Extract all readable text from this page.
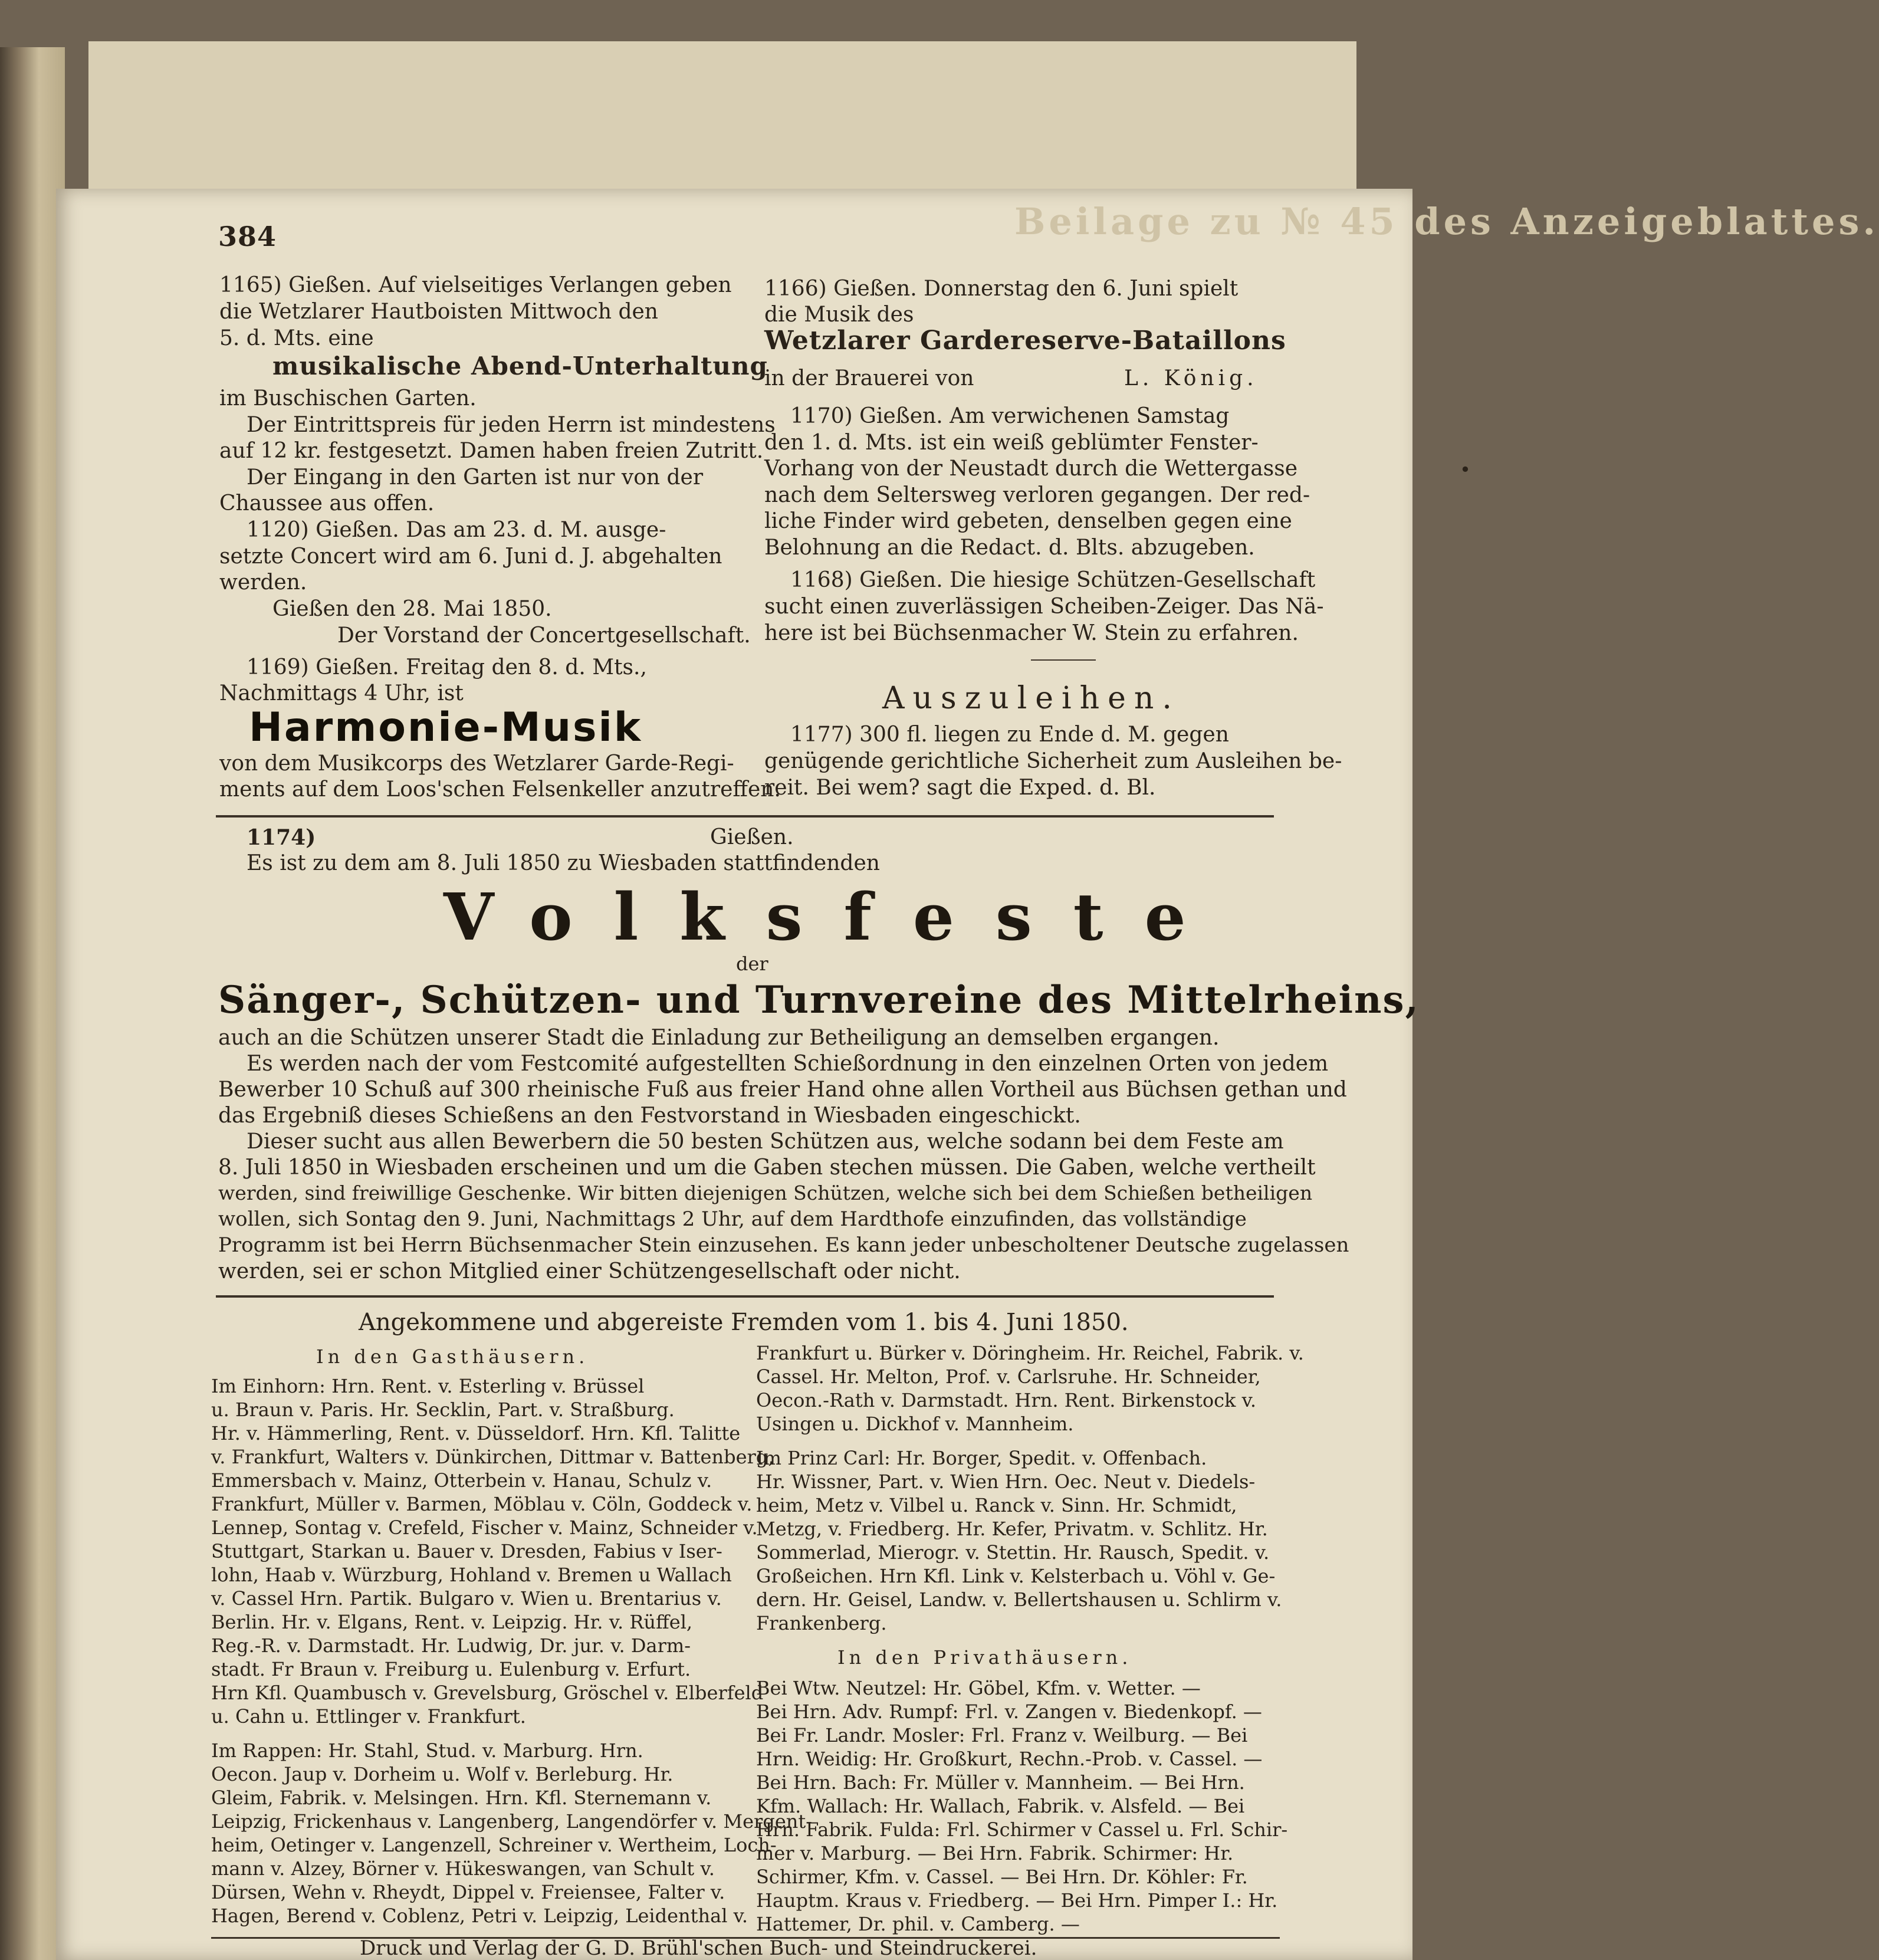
Beilage zu № 45 des Anzeigeblattes.
•
384
1165) Gießen. Auf vielseitiges Verlangen geben
die Wetzlarer Hautboisten Mittwoch den
5. d. Mts. eine
musikalische Abend-Unterhaltung
im Buschischen Garten.
Der Eintrittspreis für jeden Herrn ist mindestens
auf 12 kr. festgesetzt. Damen haben freien Zutritt.
Der Eingang in den Garten ist nur von der
Chaussee aus offen.
1120) Gießen. Das am 23. d. M. ausge-
setzte Concert wird am 6. Juni d. J. abgehalten
werden.
Gießen den 28. Mai 1850.
Der Vorstand der Concertgesellschaft.
1169) Gießen. Freitag den 8. d. Mts.,
Nachmittags 4 Uhr, ist
Harmonie-Musik
von dem Musikcorps des Wetzlarer Garde-Regi-
ments auf dem Loos'schen Felsenkeller anzutreffen.
1166) Gießen. Donnerstag den 6. Juni spielt
die Musik des
Wetzlarer Gardereserve-Bataillons
in der Brauerei von	L. König.
1170) Gießen. Am verwichenen Samstag
den 1. d. Mts. ist ein weiß geblümter Fenster-
Vorhang von der Neustadt durch die Wettergasse
nach dem Seltersweg verloren gegangen. Der red-
liche Finder wird gebeten, denselben gegen eine
Belohnung an die Redact. d. Blts. abzugeben.
1168) Gießen. Die hiesige Schützen-Gesellschaft
sucht einen zuverlässigen Scheiben-Zeiger. Das Nä-
here ist bei Büchsenmacher W. Stein zu erfahren.
Auszuleihen.
1177) 300 fl. liegen zu Ende d. M. gegen
genügende gerichtliche Sicherheit zum Ausleihen be-
reit. Bei wem? sagt die Exped. d. Bl.
1174)	Gießen.
Es ist zu dem am 8. Juli 1850 zu Wiesbaden stattfindenden
Volksfeste
der
Sänger-, Schützen- und Turnvereine des Mittelrheins,
auch an die Schützen unserer Stadt die Einladung zur Betheiligung an demselben ergangen.
Es werden nach der vom Festcomité aufgestellten Schießordnung in den einzelnen Orten von jedem
Bewerber 10 Schuß auf 300 rheinische Fuß aus freier Hand ohne allen Vortheil aus Büchsen gethan und
das Ergebniß dieses Schießens an den Festvorstand in Wiesbaden eingeschickt.
Dieser sucht aus allen Bewerbern die 50 besten Schützen aus, welche sodann bei dem Feste am
8. Juli 1850 in Wiesbaden erscheinen und um die Gaben stechen müssen. Die Gaben, welche vertheilt
werden, sind freiwillige Geschenke. Wir bitten diejenigen Schützen, welche sich bei dem Schießen betheiligen
wollen, sich Sontag den 9. Juni, Nachmittags 2 Uhr, auf dem Hardthofe einzufinden, das vollständige
Programm ist bei Herrn Büchsenmacher Stein einzusehen. Es kann jeder unbescholtener Deutsche zugelassen
werden, sei er schon Mitglied einer Schützengesellschaft oder nicht.
Angekommene und abgereiste Fremden vom 1. bis 4. Juni 1850.
In den Gasthäusern.
Im Einhorn: Hrn. Rent. v. Esterling v. Brüssel
u. Braun v. Paris. Hr. Secklin, Part. v. Straßburg.
Hr. v. Hämmerling, Rent. v. Düsseldorf. Hrn. Kfl. Talitte
v. Frankfurt, Walters v. Dünkirchen, Dittmar v. Battenberg,
Emmersbach v. Mainz, Otterbein v. Hanau, Schulz v.
Frankfurt, Müller v. Barmen, Möblau v. Cöln, Goddeck v.
Lennep, Sontag v. Crefeld, Fischer v. Mainz, Schneider v.
Stuttgart, Starkan u. Bauer v. Dresden, Fabius v Iser-
lohn, Haab v. Würzburg, Hohland v. Bremen u Wallach
v. Cassel Hrn. Partik. Bulgaro v. Wien u. Brentarius v.
Berlin. Hr. v. Elgans, Rent. v. Leipzig. Hr. v. Rüffel,
Reg.-R. v. Darmstadt. Hr. Ludwig, Dr. jur. v. Darm-
stadt. Fr Braun v. Freiburg u. Eulenburg v. Erfurt.
Hrn Kfl. Quambusch v. Grevelsburg, Gröschel v. Elberfeld
u. Cahn u. Ettlinger v. Frankfurt.
Im Rappen: Hr. Stahl, Stud. v. Marburg. Hrn.
Oecon. Jaup v. Dorheim u. Wolf v. Berleburg. Hr.
Gleim, Fabrik. v. Melsingen. Hrn. Kfl. Sternemann v.
Leipzig, Frickenhaus v. Langenberg, Langendörfer v. Mergent-
heim, Oetinger v. Langenzell, Schreiner v. Wertheim, Loch-
mann v. Alzey, Börner v. Hükeswangen, van Schult v.
Dürsen, Wehn v. Rheydt, Dippel v. Freiensee, Falter v.
Hagen, Berend v. Coblenz, Petri v. Leipzig, Leidenthal v.
Frankfurt u. Bürker v. Döringheim. Hr. Reichel, Fabrik. v.
Cassel. Hr. Melton, Prof. v. Carlsruhe. Hr. Schneider,
Oecon.-Rath v. Darmstadt. Hrn. Rent. Birkenstock v.
Usingen u. Dickhof v. Mannheim.
Im Prinz Carl: Hr. Borger, Spedit. v. Offenbach.
Hr. Wissner, Part. v. Wien Hrn. Oec. Neut v. Diedels-
heim, Metz v. Vilbel u. Ranck v. Sinn. Hr. Schmidt,
Metzg, v. Friedberg. Hr. Kefer, Privatm. v. Schlitz. Hr.
Sommerlad, Mierogr. v. Stettin. Hr. Rausch, Spedit. v.
Großeichen. Hrn Kfl. Link v. Kelsterbach u. Vöhl v. Ge-
dern. Hr. Geisel, Landw. v. Bellertshausen u. Schlirm v.
Frankenberg.
In den Privathäusern.
Bei Wtw. Neutzel: Hr. Göbel, Kfm. v. Wetter. —
Bei Hrn. Adv. Rumpf: Frl. v. Zangen v. Biedenkopf. —
Bei Fr. Landr. Mosler: Frl. Franz v. Weilburg. — Bei
Hrn. Weidig: Hr. Großkurt, Rechn.-Prob. v. Cassel. —
Bei Hrn. Bach: Fr. Müller v. Mannheim. — Bei Hrn.
Kfm. Wallach: Hr. Wallach, Fabrik. v. Alsfeld. — Bei
Hrn. Fabrik. Fulda: Frl. Schirmer v Cassel u. Frl. Schir-
mer v. Marburg. — Bei Hrn. Fabrik. Schirmer: Hr.
Schirmer, Kfm. v. Cassel. — Bei Hrn. Dr. Köhler: Fr.
Hauptm. Kraus v. Friedberg. — Bei Hrn. Pimper I.: Hr.
Hattemer, Dr. phil. v. Camberg. —
Druck und Verlag der G. D. Brühl'schen Buch- und Steindruckerei.
